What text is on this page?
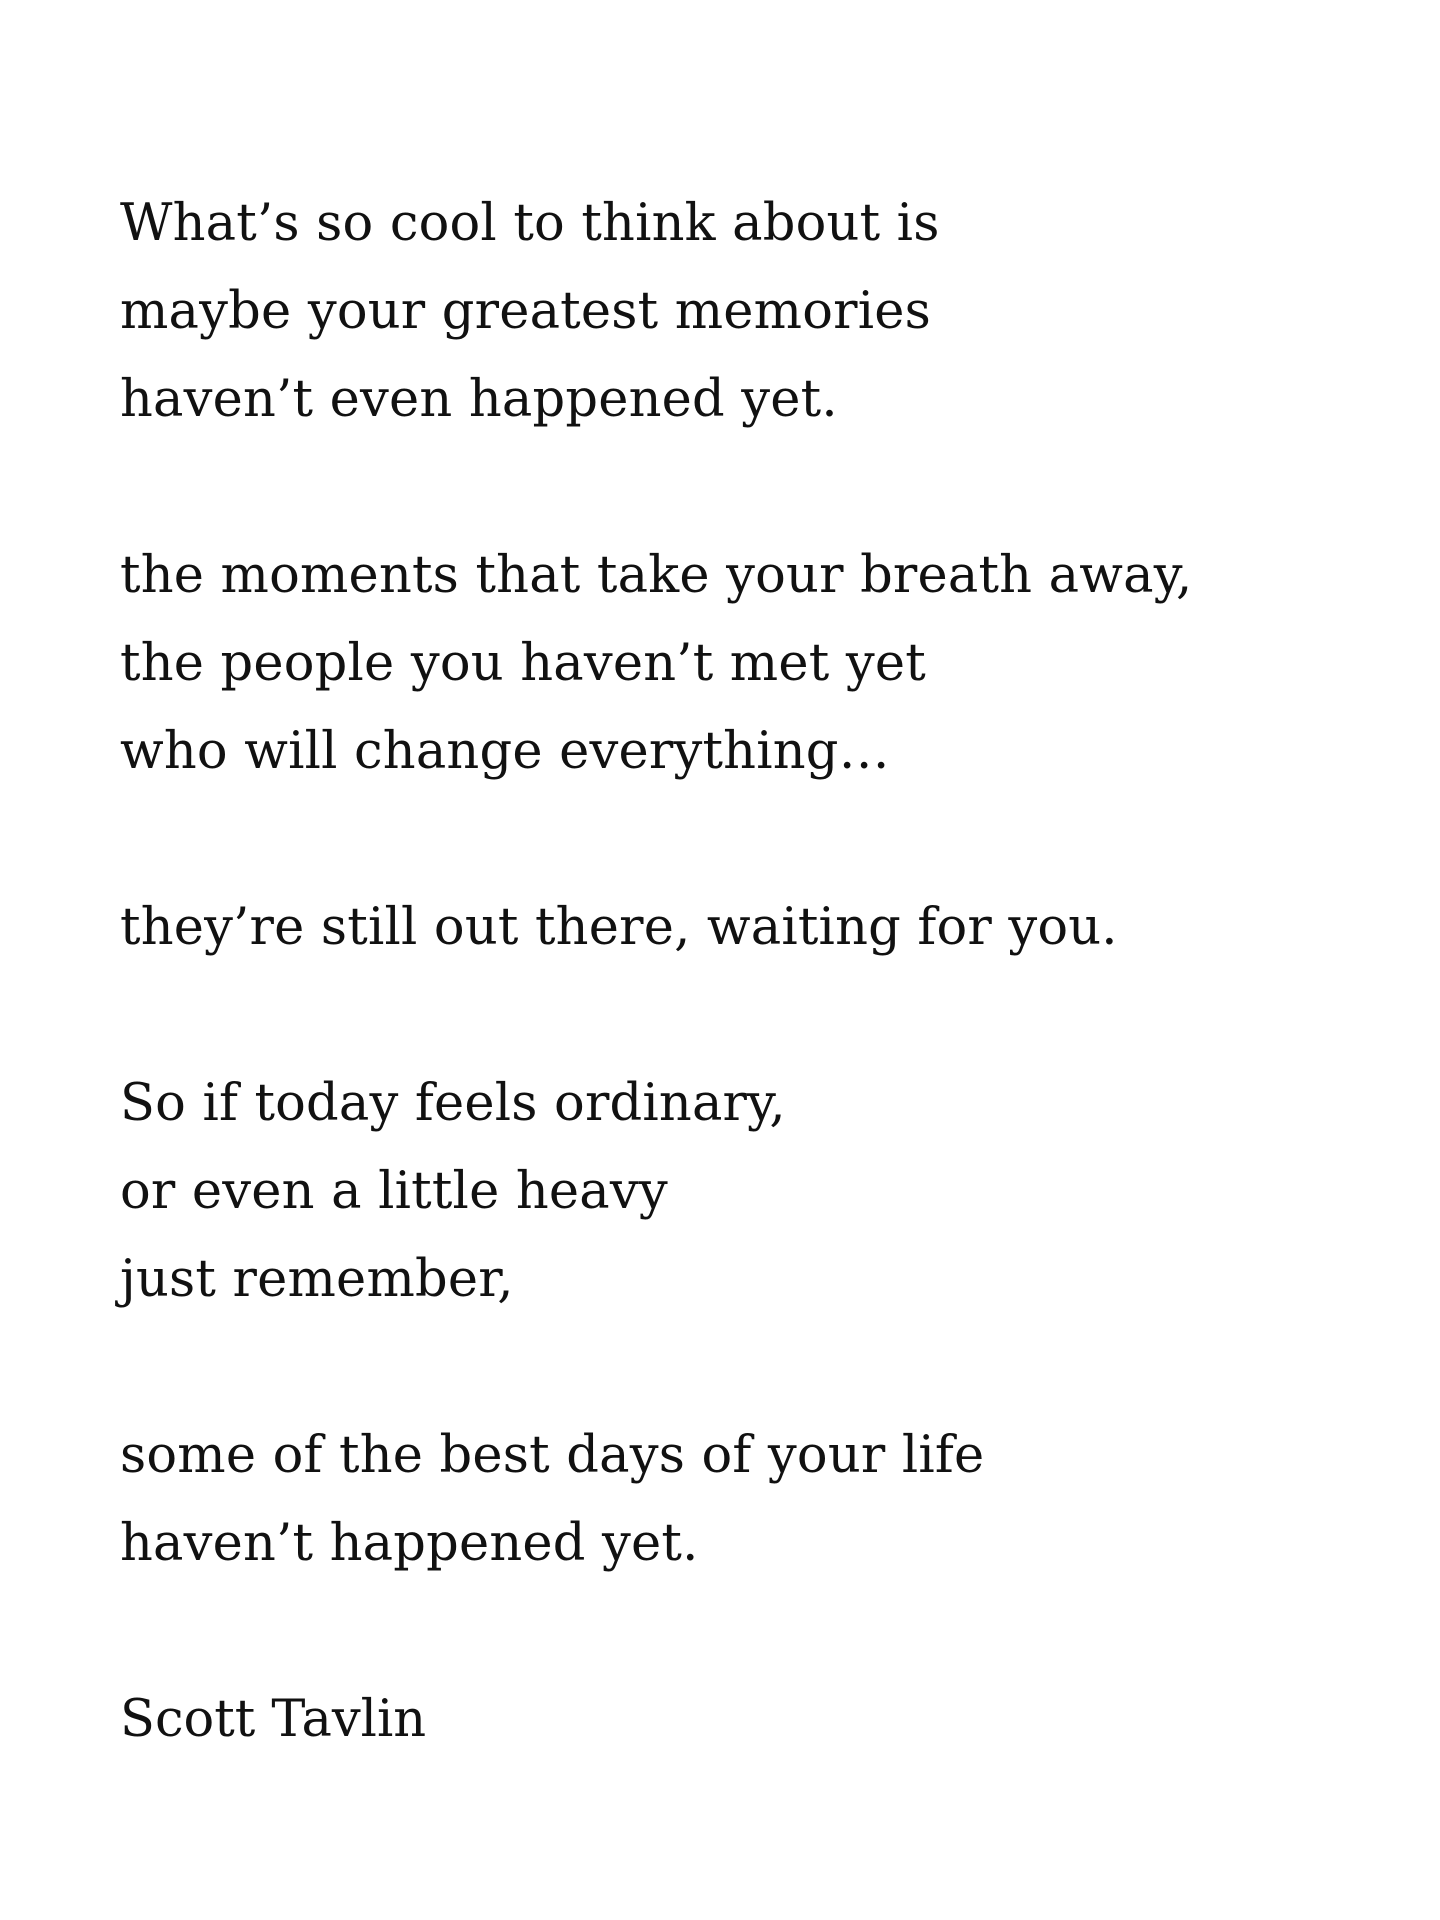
What’s so cool to think about is
maybe your greatest memories
haven’t even happened yet.
the moments that take your breath away,
the people you haven’t met yet
who will change everything…
they’re still out there, waiting for you.
So if today feels ordinary,
or even a little heavy
just remember,
some of the best days of your life
haven’t happened yet.
Scott Tavlin
